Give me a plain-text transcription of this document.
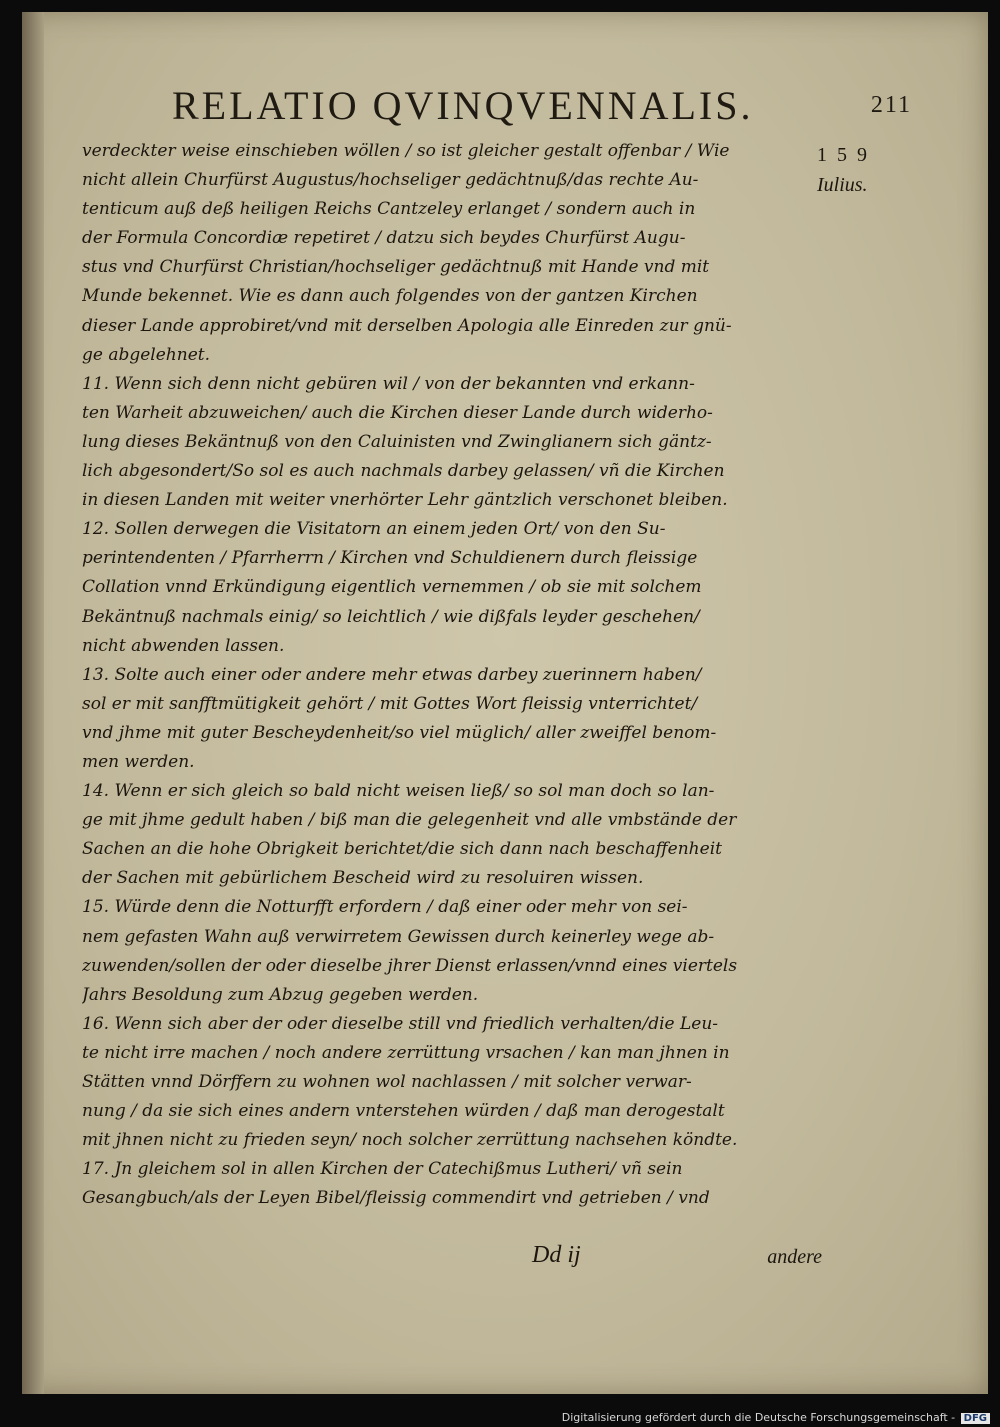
RELATIO QVINQVENNALIS.	211
159
Iulius.
verdeckter weise einschieben wöllen / so ist gleicher gestalt offenbar / Wie
nicht allein Churfürst Augustus/hochseliger gedächtnuß/das rechte Au-
tenticum auß deß heiligen Reichs Cantzeley erlanget / sondern auch in
der Formula Concordiæ repetiret / datzu sich beydes Churfürst Augu-
stus vnd Churfürst Christian/hochseliger gedächtnuß mit Hande vnd mit
Munde bekennet. Wie es dann auch folgendes von der gantzen Kirchen
dieser Lande approbiret/vnd mit derselben Apologia alle Einreden zur gnü-
ge abgelehnet.
11. Wenn sich denn nicht gebüren wil / von der bekannten vnd erkann-
ten Warheit abzuweichen/ auch die Kirchen dieser Lande durch widerho-
lung dieses Bekäntnuß von den Caluinisten vnd Zwinglianern sich gäntz-
lich abgesondert/So sol es auch nachmals darbey gelassen/ vñ die Kirchen
in diesen Landen mit weiter vnerhörter Lehr gäntzlich verschonet bleiben.
12. Sollen derwegen die Visitatorn an einem jeden Ort/ von den Su-
perintendenten / Pfarrherrn / Kirchen vnd Schuldienern durch fleissige
Collation vnnd Erkündigung eigentlich vernemmen / ob sie mit solchem
Bekäntnuß nachmals einig/ so leichtlich / wie dißfals leyder geschehen/
nicht abwenden lassen.
13. Solte auch einer oder andere mehr etwas darbey zuerinnern haben/
sol er mit sanfftmütigkeit gehört / mit Gottes Wort fleissig vnterrichtet/
vnd jhme mit guter Bescheydenheit/so viel müglich/ aller zweiffel benom-
men werden.
14. Wenn er sich gleich so bald nicht weisen ließ/ so sol man doch so lan-
ge mit jhme gedult haben / biß man die gelegenheit vnd alle vmbstände der
Sachen an die hohe Obrigkeit berichtet/die sich dann nach beschaffenheit
der Sachen mit gebürlichem Bescheid wird zu resoluiren wissen.
15. Würde denn die Notturfft erfordern / daß einer oder mehr von sei-
nem gefasten Wahn auß verwirretem Gewissen durch keinerley wege ab-
zuwenden/sollen der oder dieselbe jhrer Dienst erlassen/vnnd eines viertels
Jahrs Besoldung zum Abzug gegeben werden.
16. Wenn sich aber der oder dieselbe still vnd friedlich verhalten/die Leu-
te nicht irre machen / noch andere zerrüttung vrsachen / kan man jhnen in
Stätten vnnd Dörffern zu wohnen wol nachlassen / mit solcher verwar-
nung / da sie sich eines andern vnterstehen würden / daß man derogestalt
mit jhnen nicht zu frieden seyn/ noch solcher zerrüttung nachsehen köndte.
17. Jn gleichem sol in allen Kirchen der Catechißmus Lutheri/ vñ sein
Gesangbuch/als der Leyen Bibel/fleissig commendirt vnd getrieben / vnd
Dd ij	andere
Digitalisierung gefördert durch die Deutsche Forschungsgemeinschaft - DFG
